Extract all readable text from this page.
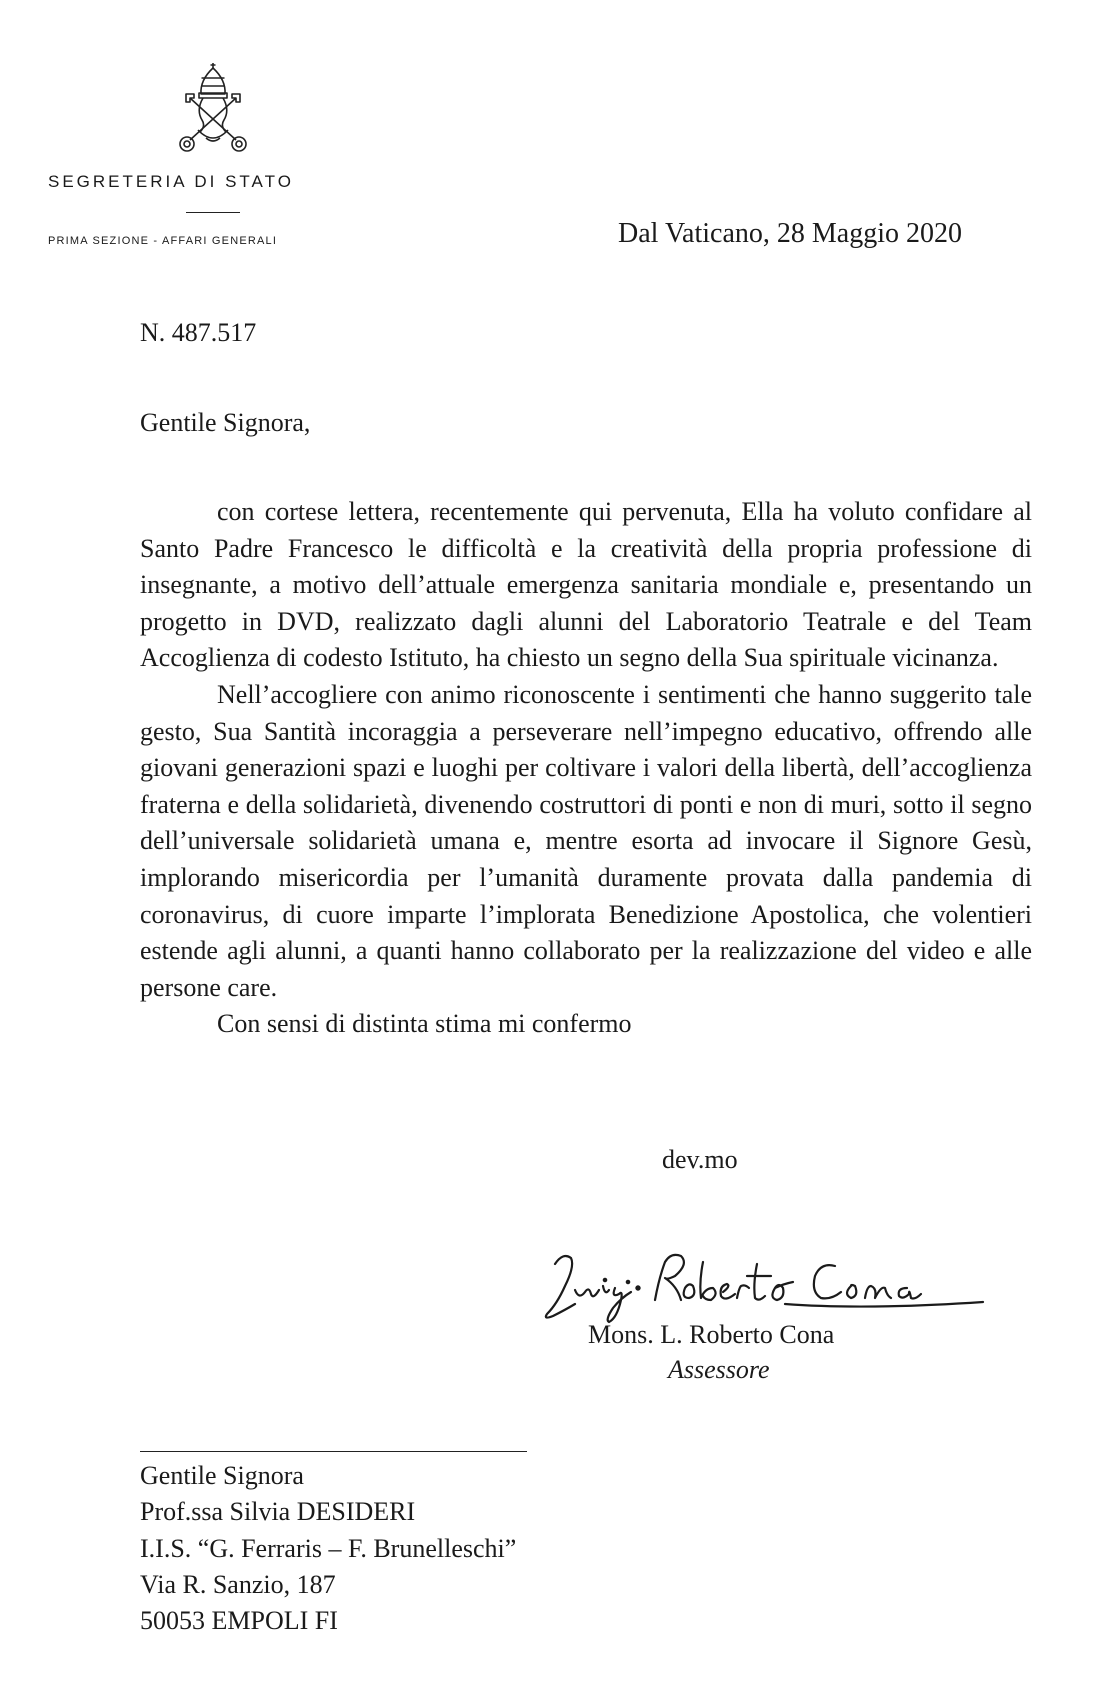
SEGRETERIA DI STATO
PRIMA SEZIONE - AFFARI GENERALI	Dal Vaticano, 28 Maggio 2020
N. 487.517
Gentile Signora,

con cortese lettera, recentemente qui pervenuta, Ella ha voluto confidare al Santo Padre Francesco le difficoltà e la creatività della propria professione di insegnante, a motivo dell’attuale emergenza sanitaria mondiale e, presentando un progetto in DVD, realizzato dagli alunni del Laboratorio Teatrale e del Team Accoglienza di codesto Istituto, ha chiesto un segno della Sua spirituale vicinanza.

Nell’accogliere con animo riconoscente i sentimenti che hanno suggerito tale gesto, Sua Santità incoraggia a perseverare nell’impegno educativo, offrendo alle giovani generazioni spazi e luoghi per coltivare i valori della libertà, dell’accoglienza fraterna e della solidarietà, divenendo costruttori di ponti e non di muri, sotto il segno dell’universale solidarietà umana e, mentre esorta ad invocare il Signore Gesù, implorando misericordia per l’umanità duramente provata dalla pandemia di coronavirus, di cuore imparte l’implorata Benedizione Apostolica, che volentieri estende agli alunni, a quanti hanno collaborato per la realizzazione del video e alle persone care.

Con sensi di distinta stima mi confermo

dev.mo
Mons. L. Roberto Cona
Assessore
Gentile Signora
Prof.ssa Silvia DESIDERI
I.I.S. “G. Ferraris – F. Brunelleschi”
Via R. Sanzio, 187
50053 EMPOLI FI
